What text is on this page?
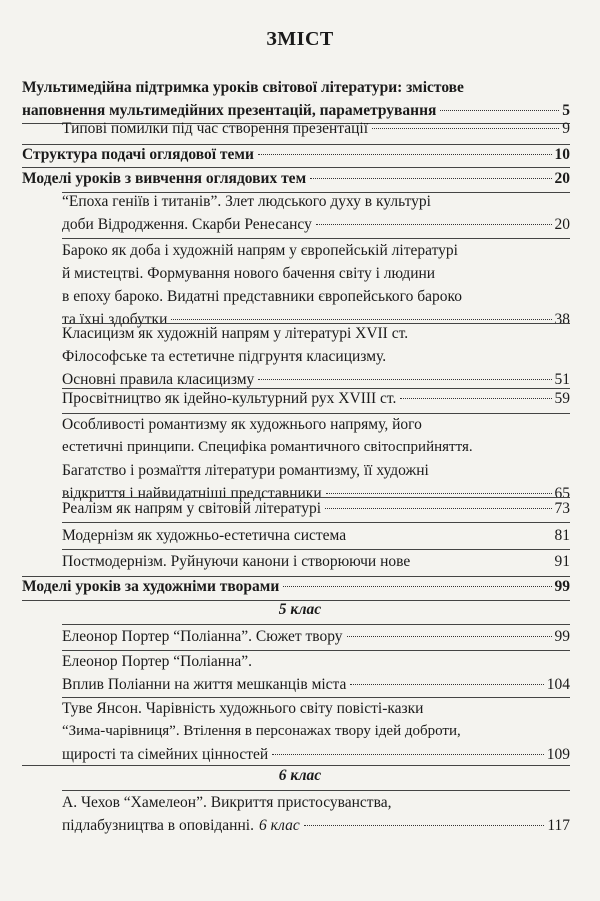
ЗМІСТ
Мультимедійна підтримка уроків світової літератури: змістове
наповнення мультимедійних презентацій, параметрування	5
Типові помилки під час створення презентації	9
Структура подачі оглядової теми	10
Моделі уроків з вивчення оглядових тем	20
“Епоха геніїв і титанів”. Злет людського духу в культурі
доби Відродження. Скарби Ренесансу	20
Бароко як доба і художній напрям у європейській літературі
й мистецтві. Формування нового бачення світу і людини
в епоху бароко. Видатні представники європейського бароко
та їхні здобутки	38
Класицизм як художній напрям у літературі XVII ст.
Філософське та естетичне підгрунтя класицизму.
Основні правила класицизму	51
Просвітництво як ідейно-культурний рух XVIII ст.	59
Особливості романтизму як художнього напряму, його
естетичні принципи. Специфіка романтичного світосприйняття.
Багатство і розмаїття літератури романтизму, її художні
відкриття і найвидатніші представники	65
Реалізм як напрям у світовій літературі	73
Модернізм як художньо-естетична система	81
Постмодернізм. Руйнуючи канони і створюючи нове	91
Моделі уроків за художніми творами	99
5 клас
Елеонор Портер “Поліанна”. Сюжет твору	99
Елеонор Портер “Поліанна”.
Вплив Поліанни на життя мешканців міста	104
Туве Янсон. Чарівність художнього світу повісті-казки
“Зима-чарівниця”. Втілення в персонажах твору ідей доброти,
щирості та сімейних цінностей	109
6 клас
А. Чехов “Хамелеон”. Викриття пристосуванства,
підлабузництва в оповіданні. 6 клас	117
